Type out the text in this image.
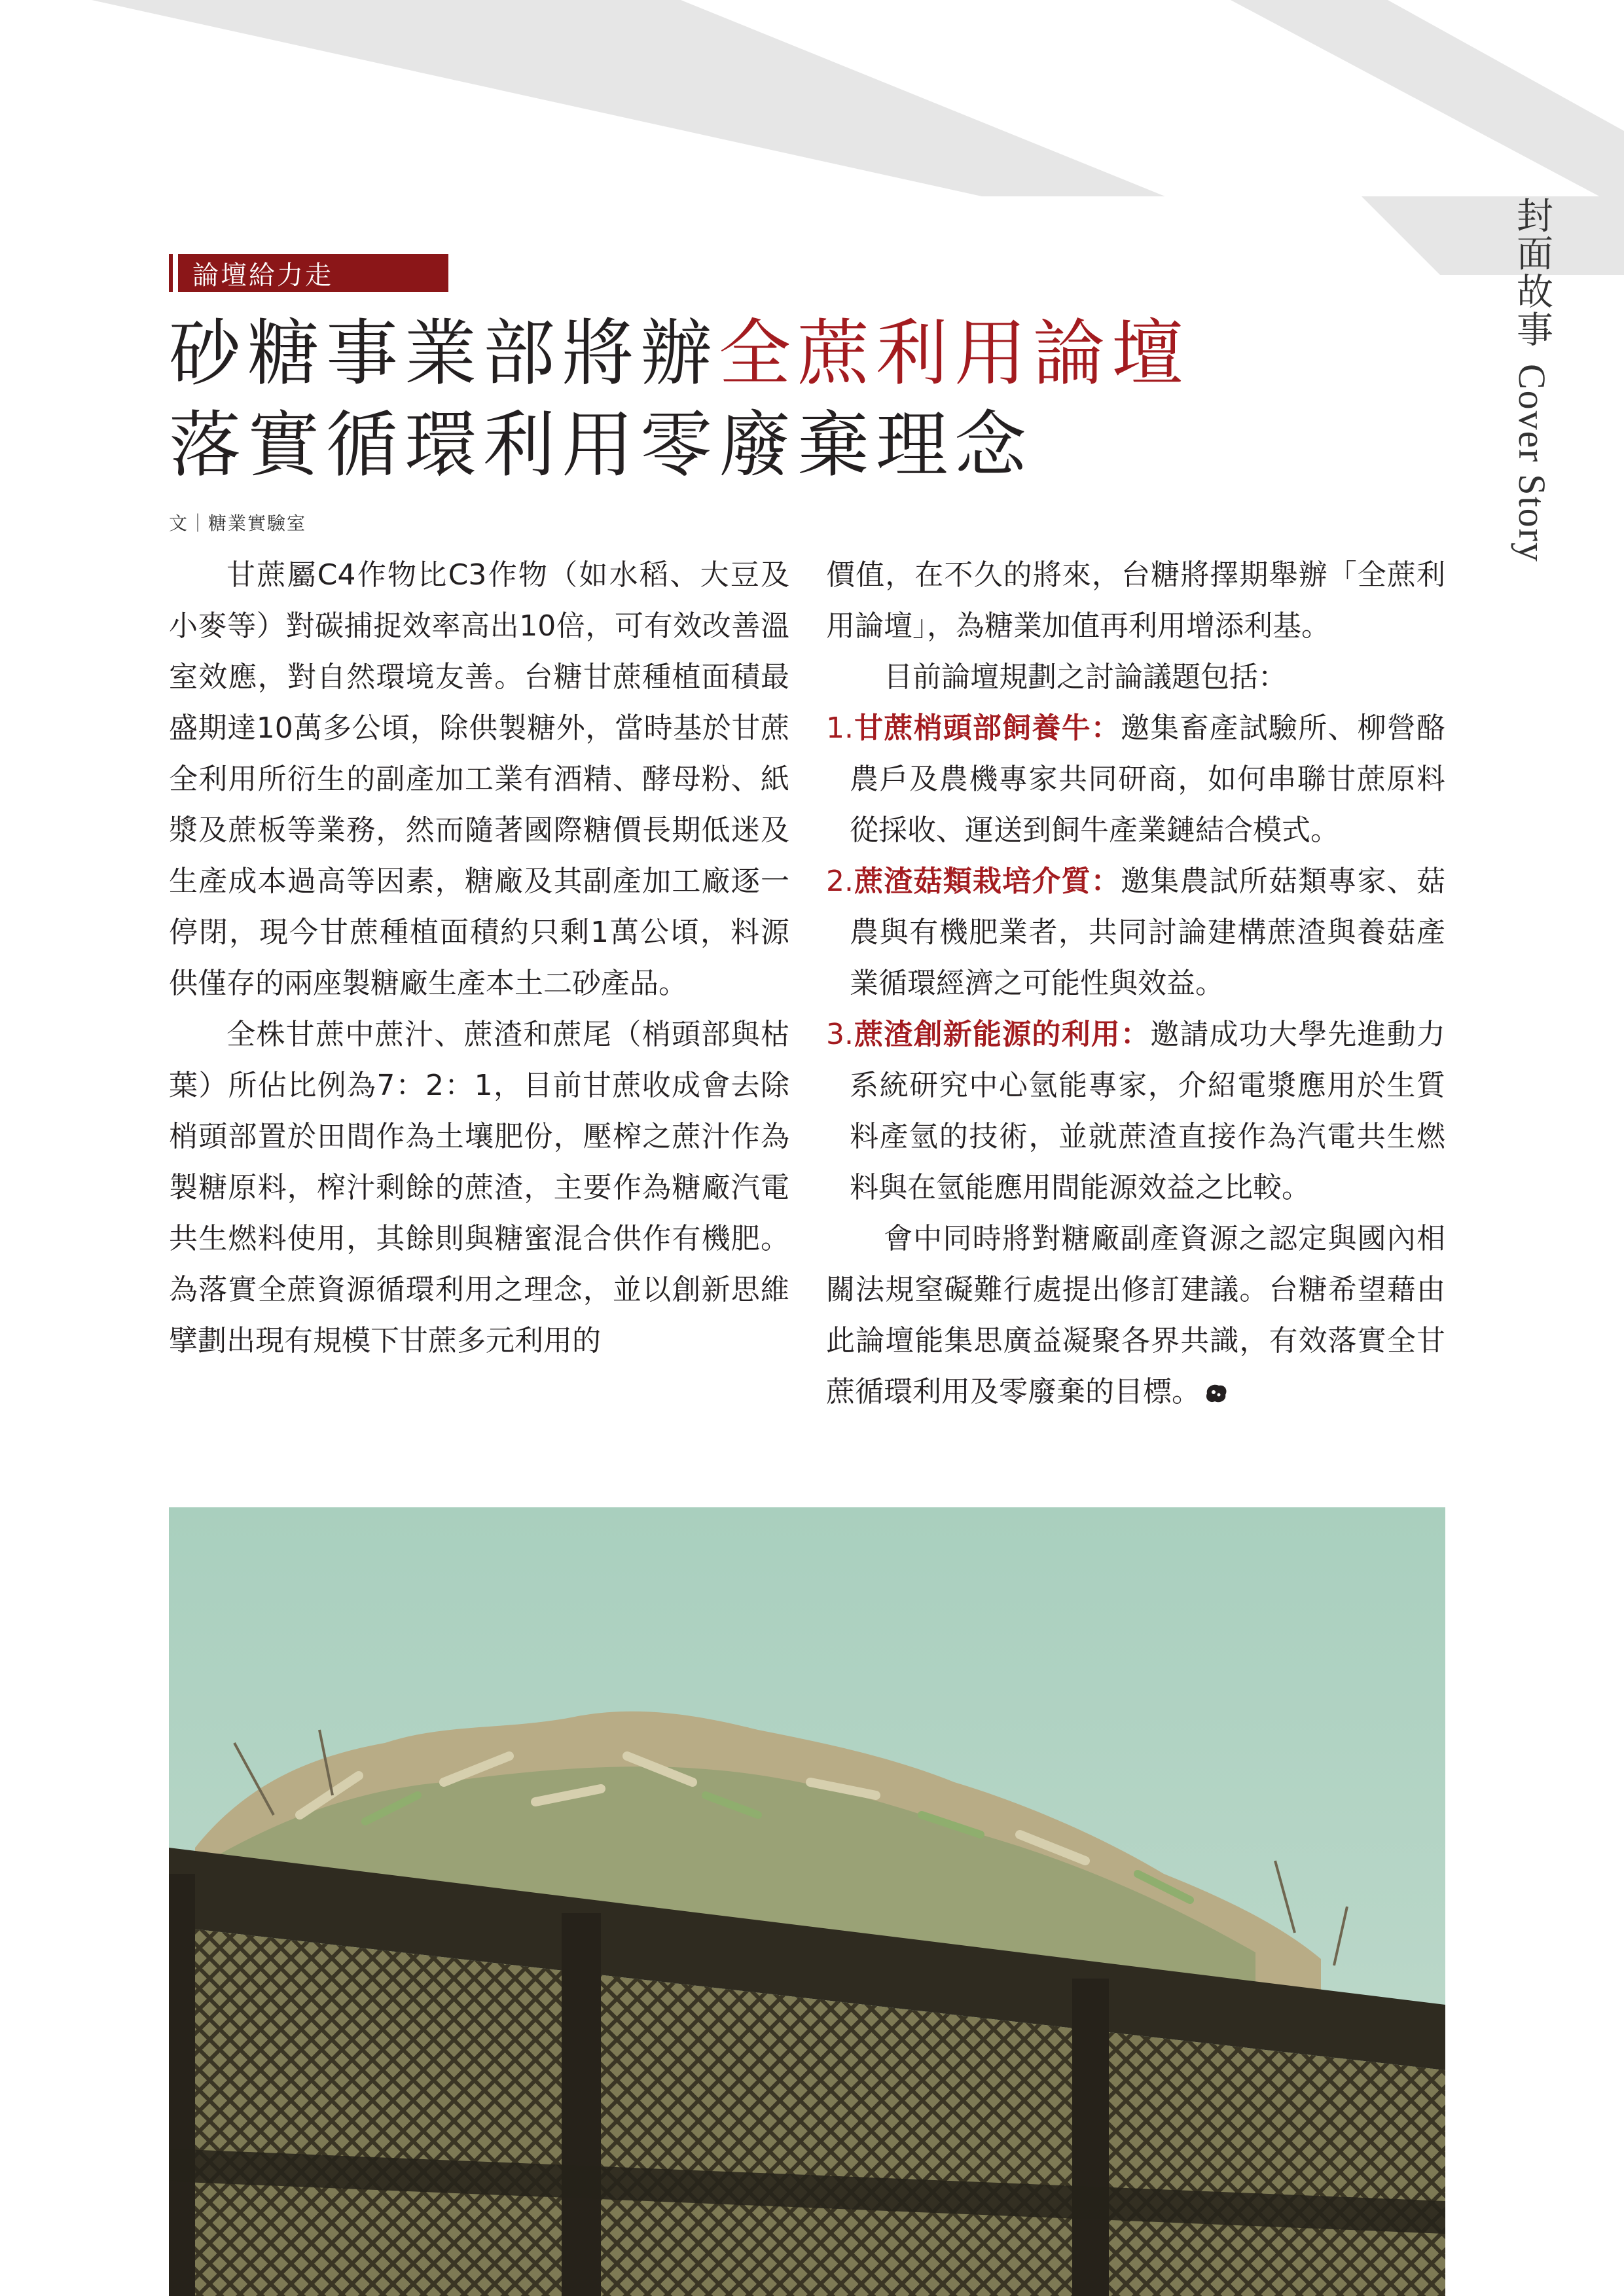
封面故事Cover Story
論壇給力走
砂糖事業部將辦全蔗利用論壇
落實循環利用零廢棄理念
文｜糖業實驗室

甘蔗屬C4作物比C3作物（如水稻、大豆及小麥等）對碳捕捉效率高出10倍，可有效改善溫室效應，對自然環境友善。台糖甘蔗種植面積最盛期達10萬多公頃，除供製糖外，當時基於甘蔗全利用所衍生的副產加工業有酒精、酵母粉、紙漿及蔗板等業務，然而隨著國際糖價長期低迷及生產成本過高等因素，糖廠及其副產加工廠逐一停閉，現今甘蔗種植面積約只剩1萬公頃，料源供僅存的兩座製糖廠生產本土二砂產品。

全株甘蔗中蔗汁、蔗渣和蔗尾（梢頭部與枯葉）所佔比例為7：2：1，目前甘蔗收成會去除梢頭部置於田間作為土壤肥份，壓榨之蔗汁作為製糖原料，榨汁剩餘的蔗渣，主要作為糖廠汽電共生燃料使用，其餘則與糖蜜混合供作有機肥。為落實全蔗資源循環利用之理念，並以創新思維擘劃出現有規模下甘蔗多元利用的

價值，在不久的將來，台糖將擇期舉辦「全蔗利用論壇」，為糖業加值再利用增添利基。

目前論壇規劃之討論議題包括：

1.甘蔗梢頭部飼養牛：邀集畜產試驗所、柳營酪農戶及農機專家共同研商，如何串聯甘蔗原料從採收、運送到飼牛產業鏈結合模式。

2.蔗渣菇類栽培介質：邀集農試所菇類專家、菇農與有機肥業者，共同討論建構蔗渣與養菇產業循環經濟之可能性與效益。

3.蔗渣創新能源的利用：邀請成功大學先進動力系統研究中心氫能專家，介紹電漿應用於生質料產氫的技術，並就蔗渣直接作為汽電共生燃料與在氫能應用間能源效益之比較。

會中同時將對糖廠副產資源之認定與國內相關法規窒礙難行處提出修訂建議。台糖希望藉由此論壇能集思廣益凝聚各界共識，有效落實全甘蔗循環利用及零廢棄的目標。
